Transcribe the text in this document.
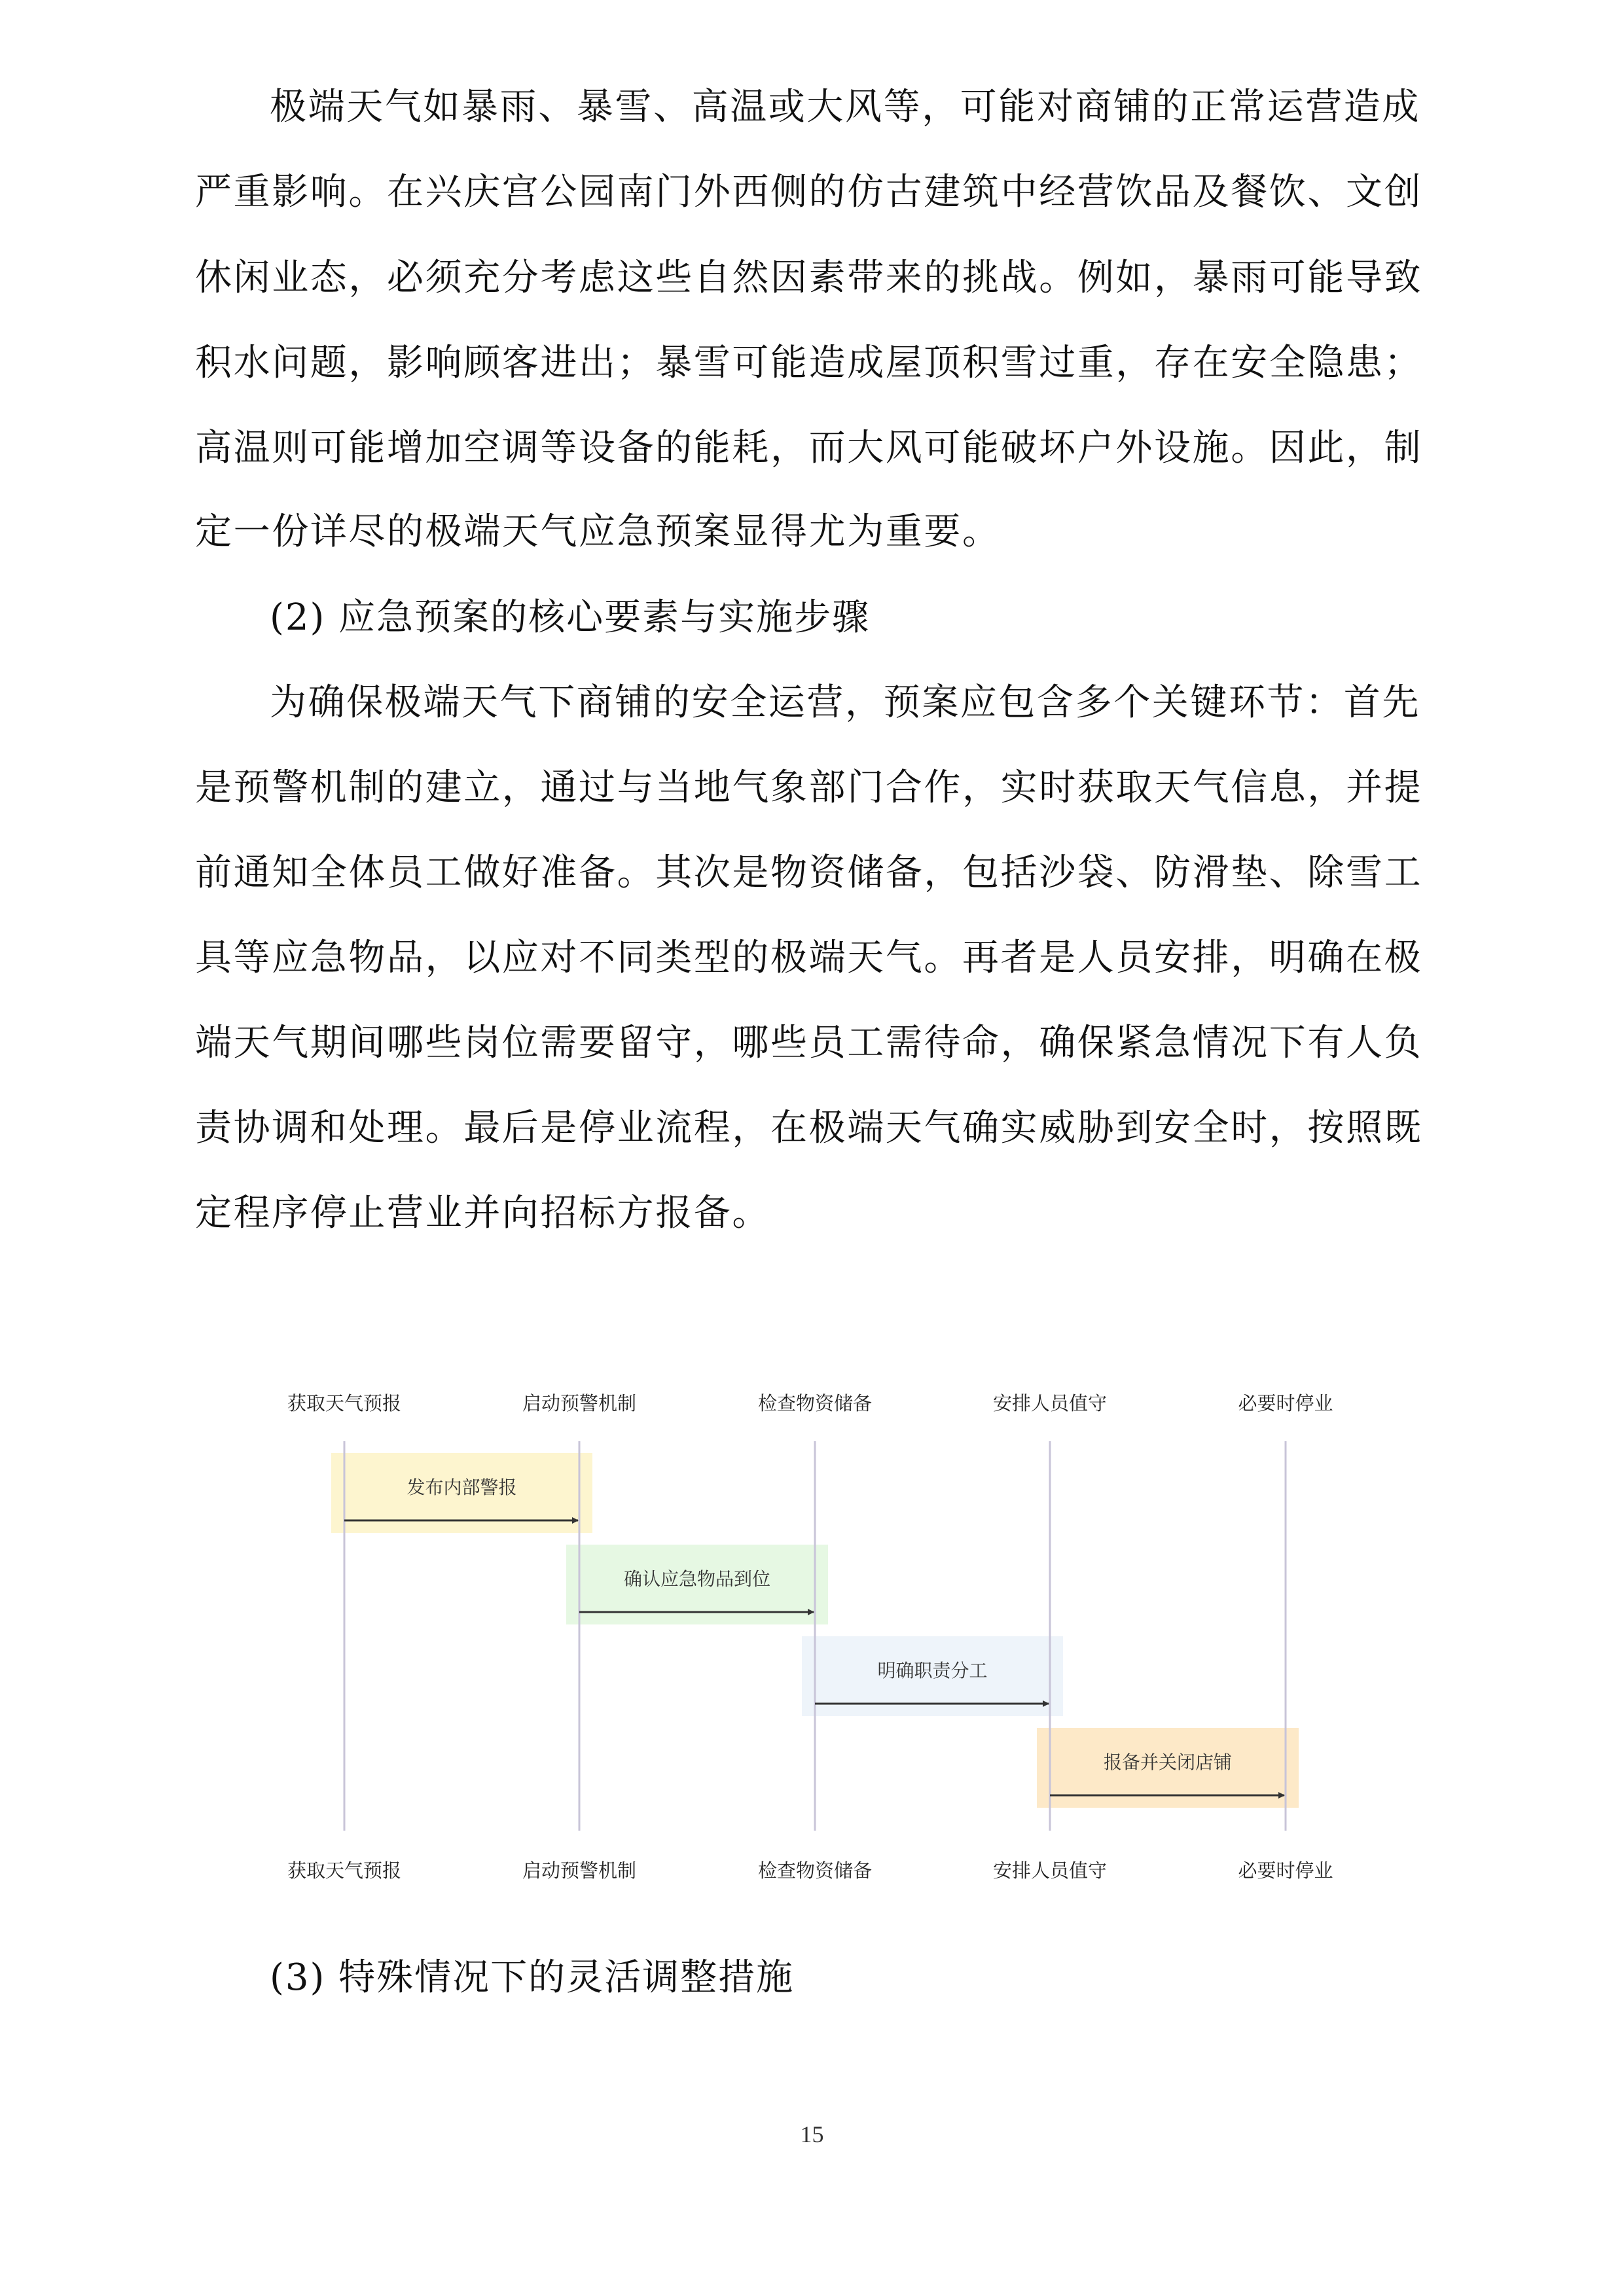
极端天气如暴雨、暴雪、高温或大风等，可能对商铺的正常运营造成
严重影响。在兴庆宫公园南门外西侧的仿古建筑中经营饮品及餐饮、文创
休闲业态，必须充分考虑这些自然因素带来的挑战。例如，暴雨可能导致
积水问题，影响顾客进出；暴雪可能造成屋顶积雪过重，存在安全隐患；
高温则可能增加空调等设备的能耗，而大风可能破坏户外设施。因此，制
定一份详尽的极端天气应急预案显得尤为重要。
(2) 应急预案的核心要素与实施步骤
为确保极端天气下商铺的安全运营，预案应包含多个关键环节：首先
是预警机制的建立，通过与当地气象部门合作，实时获取天气信息，并提
前通知全体员工做好准备。其次是物资储备，包括沙袋、防滑垫、除雪工
具等应急物品，以应对不同类型的极端天气。再者是人员安排，明确在极
端天气期间哪些岗位需要留守，哪些员工需待命，确保紧急情况下有人负
责协调和处理。最后是停业流程，在极端天气确实威胁到安全时，按照既
定程序停止营业并向招标方报备。
获取天气预报
获取天气预报
启动预警机制
启动预警机制
检查物资储备
检查物资储备
安排人员值守
安排人员值守
必要时停业
必要时停业
发布内部警报
确认应急物品到位
明确职责分工
报备并关闭店铺
(3) 特殊情况下的灵活调整措施
15
